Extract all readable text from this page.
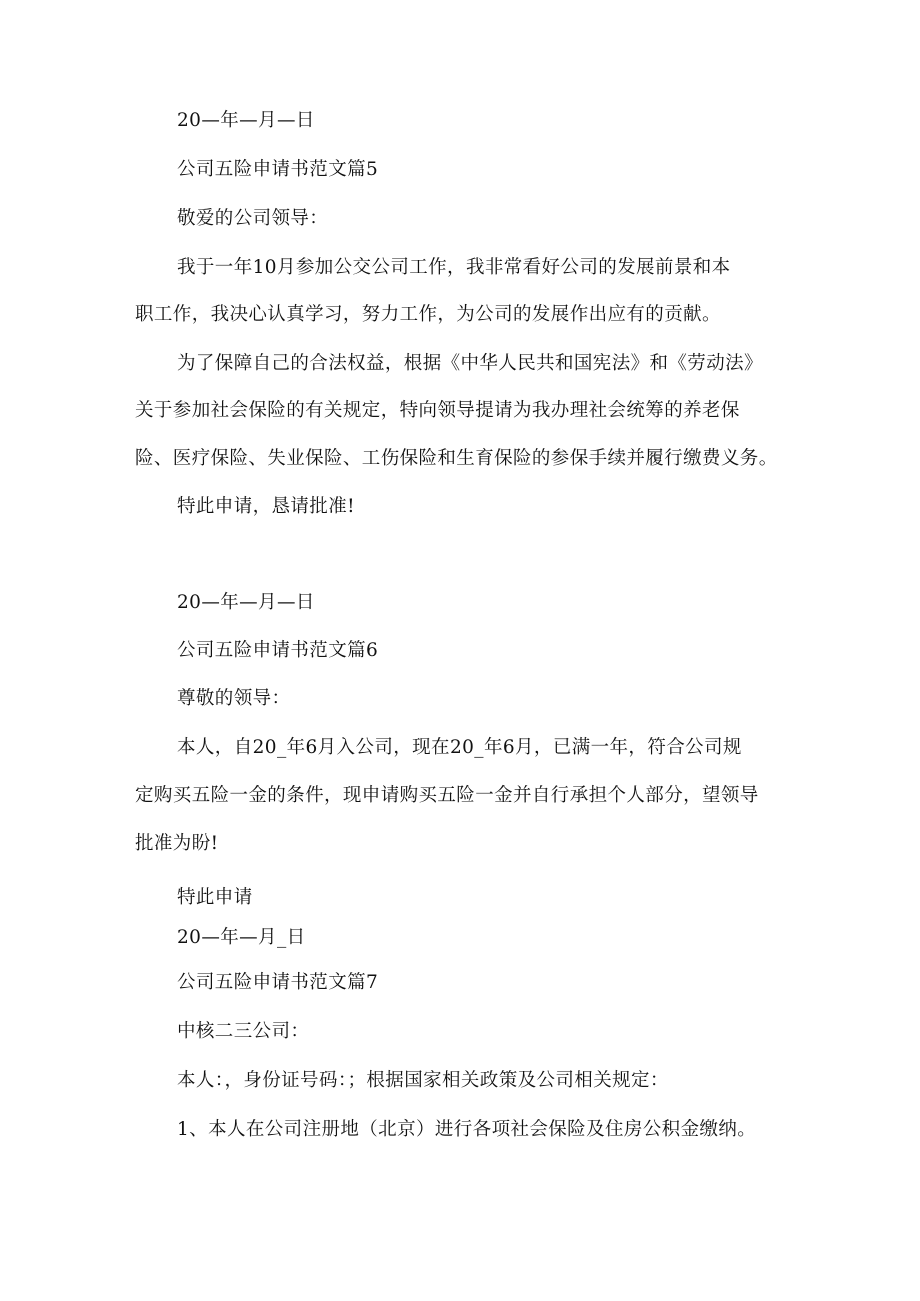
20—年—月—日
公司五险申请书范文篇5
敬爱的公司领导：
我于一年10月参加公交公司工作，我非常看好公司的发展前景和本
职工作，我决心认真学习，努力工作，为公司的发展作出应有的贡献。
为了保障自己的合法权益，根据《中华人民共和国宪法》和《劳动法》
关于参加社会保险的有关规定，特向领导提请为我办理社会统筹的养老保
险、医疗保险、失业保险、工伤保险和生育保险的参保手续并履行缴费义务。
特此申请，恳请批准!
20—年—月—日
公司五险申请书范文篇6
尊敬的领导：
本人，自20_年6月入公司，现在20_年6月，已满一年，符合公司规
定购买五险一金的条件，现申请购买五险一金并自行承担个人部分，望领导
批准为盼!
特此申请
20—年—月_日
公司五险申请书范文篇7
中核二三公司：
本人：，身份证号码：；根据国家相关政策及公司相关规定：
1、本人在公司注册地（北京）进行各项社会保险及住房公积金缴纳。
